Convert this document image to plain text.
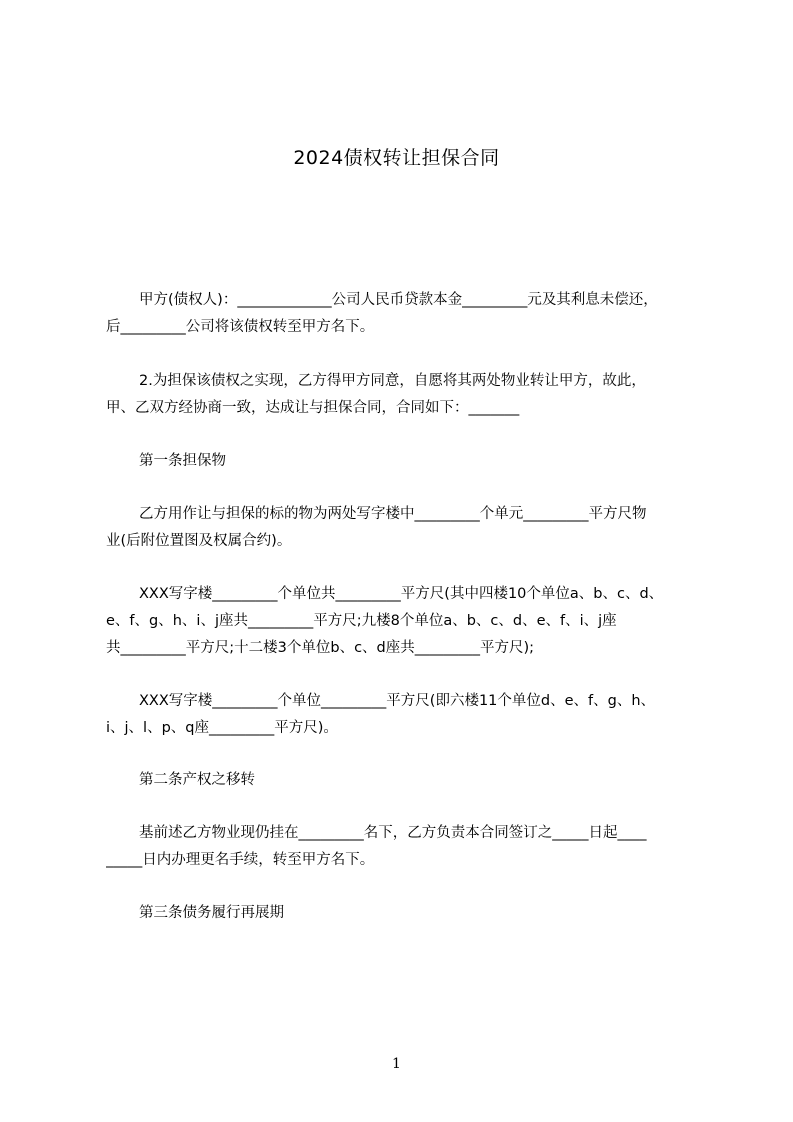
2024债权转让担保合同
甲方(债权人)：_____________公司人民币贷款本金_________元及其利息未偿还，
后_________公司将该债权转至甲方名下。
2.为担保该债权之实现，乙方得甲方同意，自愿将其两处物业转让甲方，故此，
甲、乙双方经协商一致，达成让与担保合同，合同如下：_______
第一条担保物
乙方用作让与担保的标的物为两处写字楼中_________个单元_________平方尺物
业(后附位置图及权属合约)。
XXX写字楼_________个单位共_________平方尺(其中四楼10个单位a、b、c、d、
e、f、g、h、i、j座共_________平方尺;九楼8个单位a、b、c、d、e、f、i、j座
共_________平方尺;十二楼3个单位b、c、d座共_________平方尺);
XXX写字楼_________个单位_________平方尺(即六楼11个单位d、e、f、g、h、
i、j、l、p、q座_________平方尺)。
第二条产权之移转
基前述乙方物业现仍挂在_________名下，乙方负责本合同签订之_____日起____
_____日内办理更名手续，转至甲方名下。
第三条债务履行再展期
1
